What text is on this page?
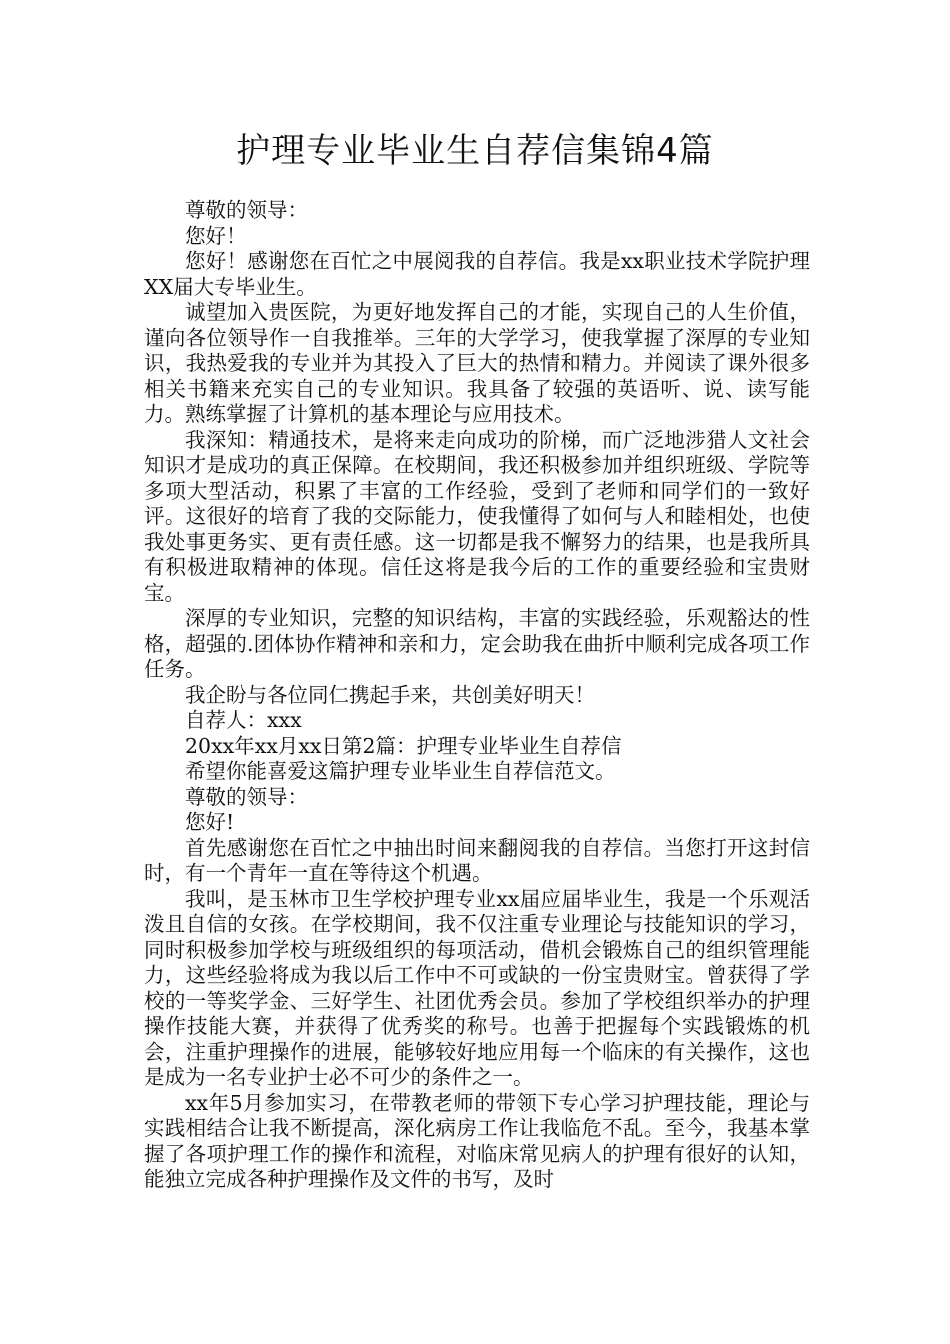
护理专业毕业生自荐信集锦4篇

尊敬的领导：

您好！

您好！感谢您在百忙之中展阅我的自荐信。我是xx职业技术学院护理XX届大专毕业生。

诚望加入贵医院，为更好地发挥自己的才能，实现自己的人生价值，谨向各位领导作一自我推举。三年的大学学习，使我掌握了深厚的专业知识，我热爱我的专业并为其投入了巨大的热情和精力。并阅读了课外很多相关书籍来充实自己的专业知识。我具备了较强的英语听、说、读写能力。熟练掌握了计算机的基本理论与应用技术。

我深知：精通技术，是将来走向成功的阶梯，而广泛地涉猎人文社会知识才是成功的真正保障。在校期间，我还积极参加并组织班级、学院等多项大型活动，积累了丰富的工作经验，受到了老师和同学们的一致好评。这很好的培育了我的交际能力，使我懂得了如何与人和睦相处，也使我处事更务实、更有责任感。这一切都是我不懈努力的结果，也是我所具有积极进取精神的体现。信任这将是我今后的工作的重要经验和宝贵财宝。

深厚的专业知识，完整的知识结构，丰富的实践经验，乐观豁达的性格，超强的.团体协作精神和亲和力，定会助我在曲折中顺利完成各项工作任务。

我企盼与各位同仁携起手来，共创美好明天！

自荐人：xxx

20xx年xx月xx日第2篇：护理专业毕业生自荐信

希望你能喜爱这篇护理专业毕业生自荐信范文。

尊敬的领导：

您好!

首先感谢您在百忙之中抽出时间来翻阅我的自荐信。当您打开这封信时，有一个青年一直在等待这个机遇。

我叫，是玉林市卫生学校护理专业xx届应届毕业生，我是一个乐观活泼且自信的女孩。在学校期间，我不仅注重专业理论与技能知识的学习，同时积极参加学校与班级组织的每项活动，借机会锻炼自己的组织管理能力，这些经验将成为我以后工作中不可或缺的一份宝贵财宝。曾获得了学校的一等奖学金、三好学生、社团优秀会员。参加了学校组织举办的护理操作技能大赛，并获得了优秀奖的称号。也善于把握每个实践锻炼的机会，注重护理操作的进展，能够较好地应用每一个临床的有关操作，这也是成为一名专业护士必不可少的条件之一。

xx年5月参加实习，在带教老师的带领下专心学习护理技能，理论与实践相结合让我不断提高，深化病房工作让我临危不乱。至今，我基本掌握了各项护理工作的操作和流程，对临床常见病人的护理有很好的认知，能独立完成各种护理操作及文件的书写，及时
